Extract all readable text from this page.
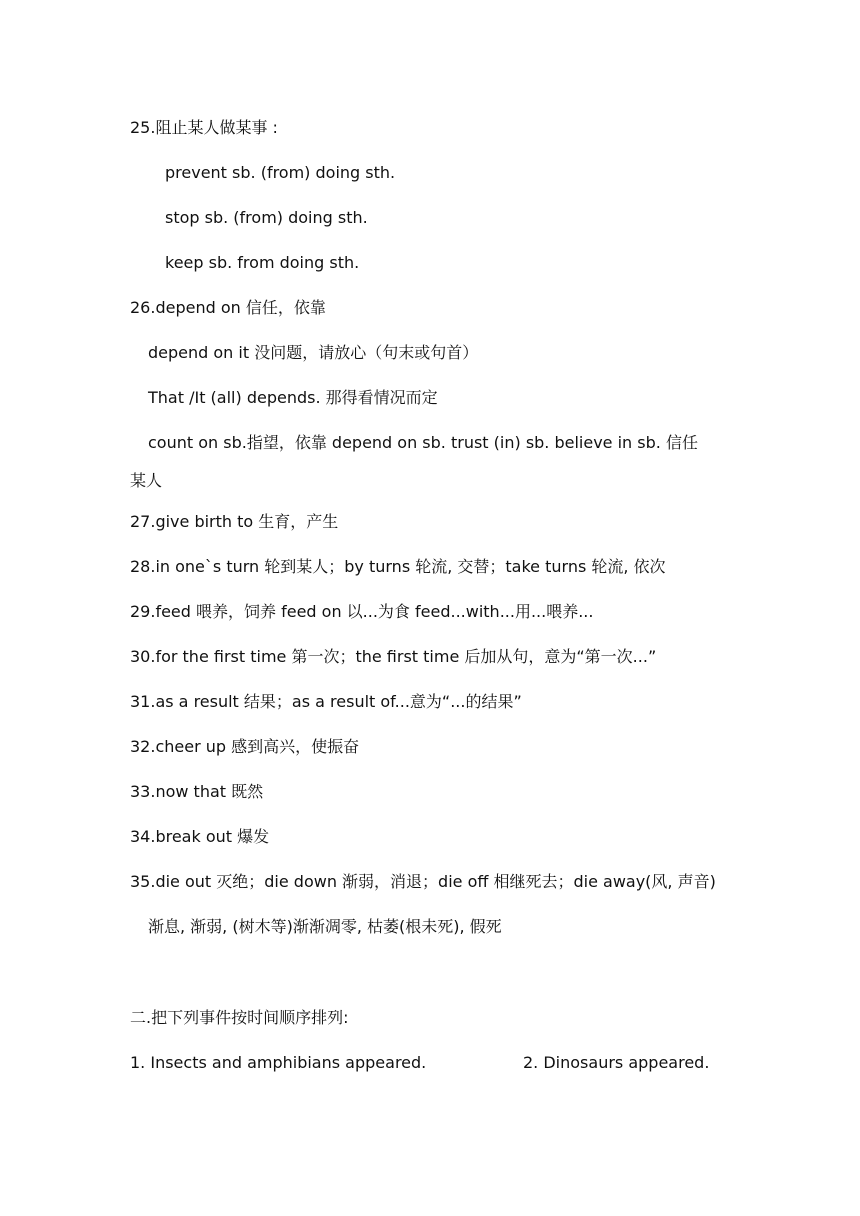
25.阻止某人做某事 :
prevent sb. (from) doing sth.
stop sb. (from) doing sth.
keep sb. from doing sth.
26.depend on 信任，依靠
depend on it 没问题，请放心（句末或句首）
That /It (all) depends. 那得看情况而定
count on sb.指望，依靠 depend on sb. trust (in) sb. believe in sb. 信任
某人
27.give birth to 生育，产生
28.in one`s turn 轮到某人；by turns 轮流, 交替；take turns 轮流, 依次
29.feed 喂养，饲养 feed on 以...为食 feed...with...用...喂养...
30.for the first time 第一次；the first time 后加从句，意为“第一次...”
31.as a result 结果；as a result of...意为“...的结果”
32.cheer up 感到高兴，使振奋
33.now that 既然
34.break out 爆发
35.die out 灭绝；die down 渐弱，消退；die off 相继死去；die away(风, 声音)
渐息, 渐弱, (树木等)渐渐凋零, 枯萎(根未死), 假死
二.把下列事件按时间顺序排列:
1. Insects and amphibians appeared.	2. Dinosaurs appeared.
